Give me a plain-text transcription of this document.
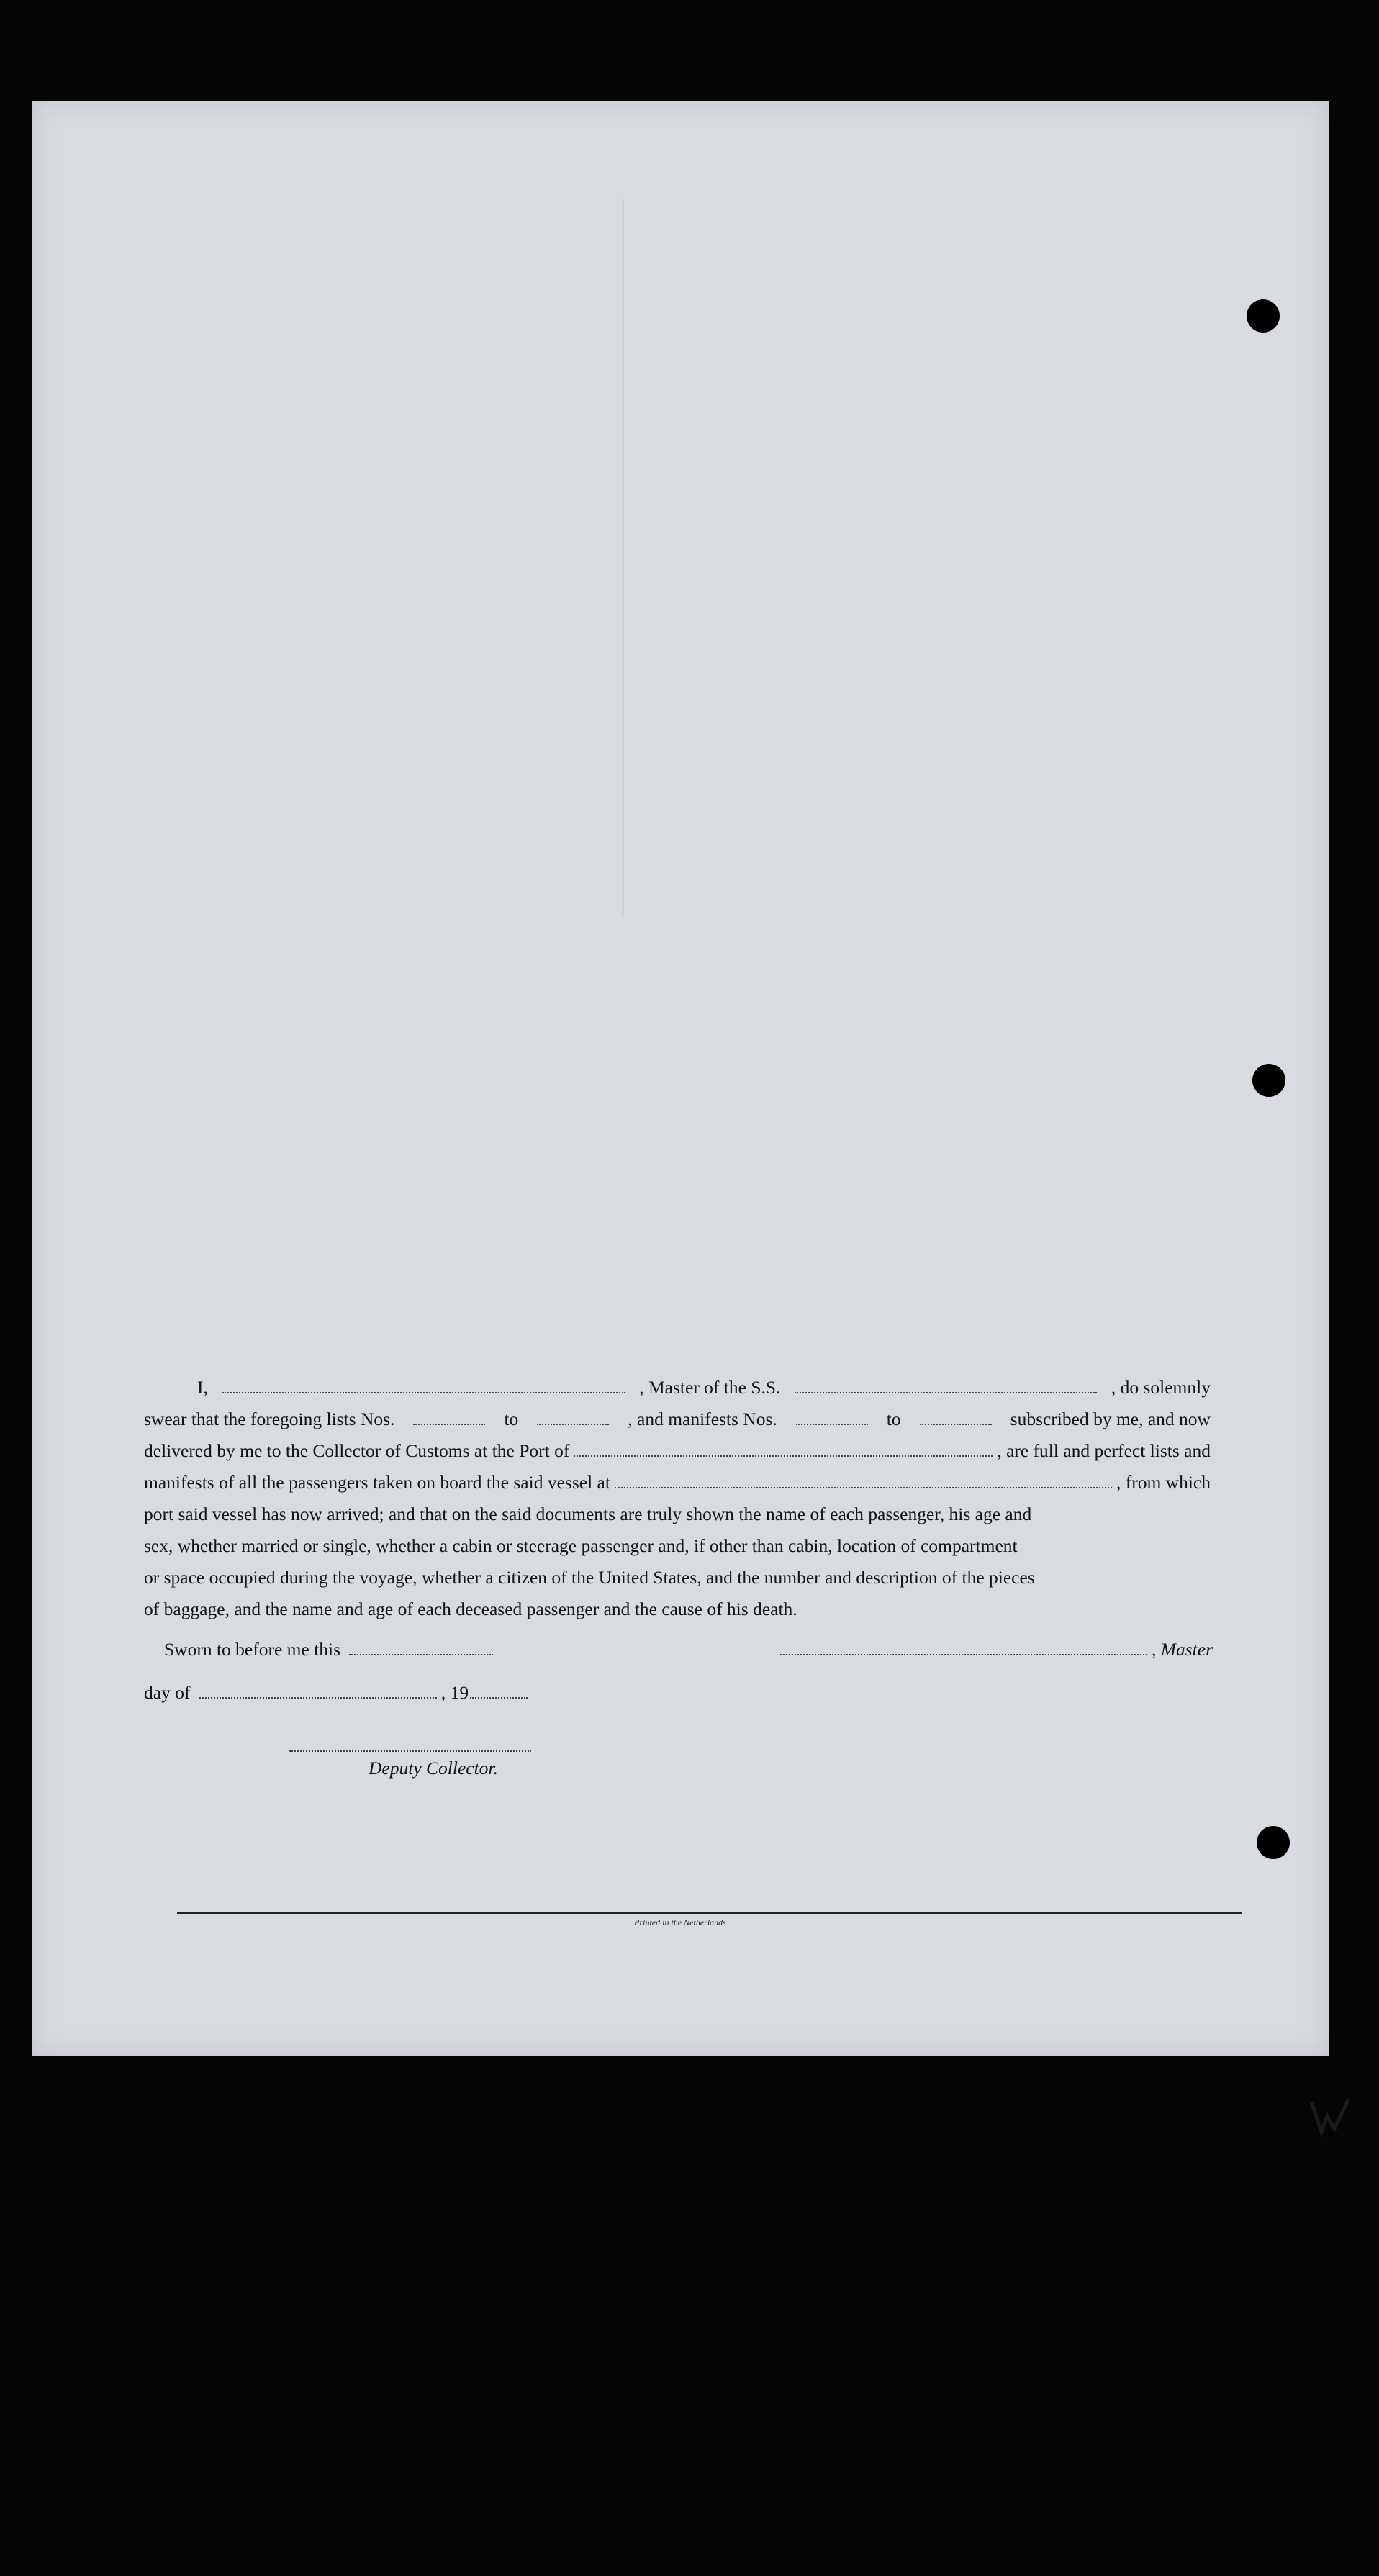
Printed in the Netherlands
I,	, Master of the S.S.	, do solemnly
swear that the foregoing lists Nos.	to	, and manifests Nos.	to	subscribed by me, and now
delivered by me to the Collector of Customs at the Port of	, are full and perfect lists and
manifests of all the passengers taken on board the said vessel at	, from which
port said vessel has now arrived; and that on the said documents are truly shown the name of each passenger, his age and
sex, whether married or single, whether a cabin or steerage passenger and, if other than cabin, location of compartment
or space occupied during the voyage, whether a citizen of the United States, and the number and description of the pieces
of baggage, and the name and age of each deceased passenger and the cause of his death.
Sworn to before me this	, Master
day of	, 19
Deputy Collector.
